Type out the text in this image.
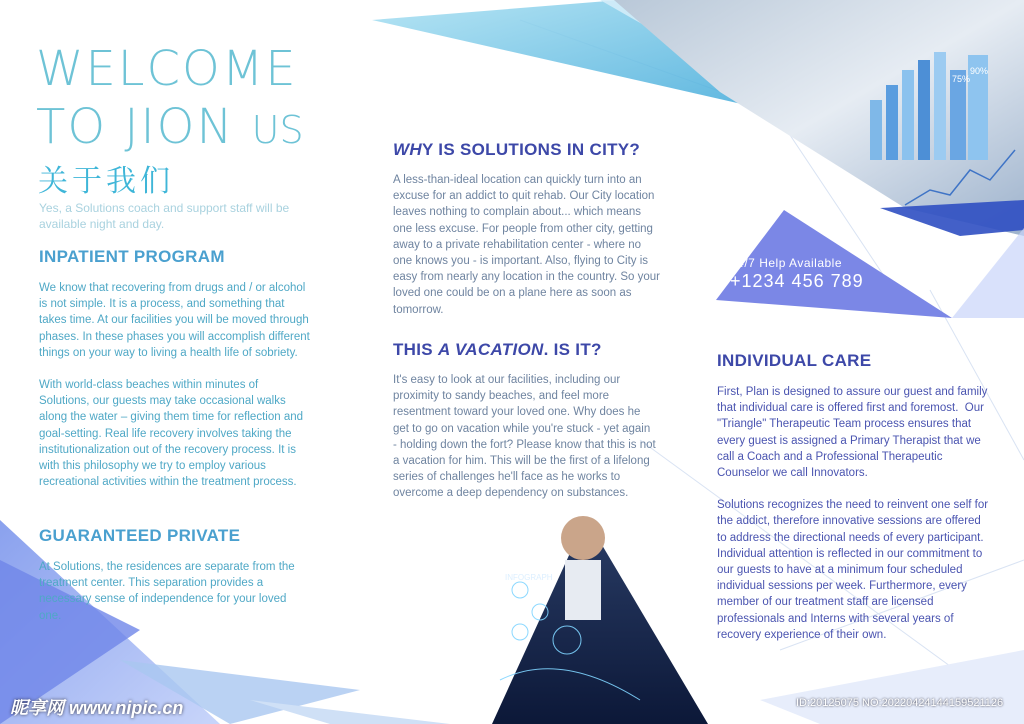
75%
90%
INFOGRAPH
WELCOME
TO JION US
关于我们
Yes, a Solutions coach and support staff will be available night and day.
INPATIENT PROGRAM

We know that recovering from drugs and / or alcohol is not simple. It is a process, and something that takes time. At our facilities you will be moved through phases. In these phases you will accomplish different things on your way to living a health life of sobriety.

With world-class beaches within minutes of Solutions, our guests may take occasional walks along the water – giving them time for reflection and goal-setting. Real life recovery involves taking the institutionalization out of the recovery process. It is with this philosophy we try to employ various recreational activities within the treatment process.

GUARANTEED PRIVATE

At Solutions, the residences are separate from the treatment center. This separation provides a necessary sense of independence for your loved one.

WHY IS SOLUTIONS IN CITY?

A less-than-ideal location can quickly turn into an excuse for an addict to quit rehab. Our City location leaves nothing to complain about... which means one less excuse. For people from other city, getting away to a private rehabilitation center - where no one knows you - is important. Also, flying to City is easy from nearly any location in the country. So your loved one could be on a plane here as soon as tomorrow.

THIS A VACATION. IS IT?

It's easy to look at our facilities, including our proximity to sandy beaches, and feel more resentment toward your loved one. Why does he get to go on vacation while you're stuck - yet again - holding down the fort? Please know that this is not a vacation for him. This will be the first of a lifelong series of challenges he'll face as he works to overcome a deep dependency on substances.

24/7 Help Available
+1234 456 789
INDIVIDUAL CARE

First, Plan is designed to assure our guest and family that individual care is offered first and foremost.  Our "Triangle" Therapeutic Team process ensures that every guest is assigned a Primary Therapist that we call a Coach and a Professional Therapeutic Counselor we call Innovators.

Solutions recognizes the need to reinvent one self for the addict, therefore innovative sessions are offered to address the directional needs of every participant.  Individual attention is reflected in our commitment to our guests to have at a minimum four scheduled individual sessions per week. Furthermore, every member of our treatment staff are licensed professionals and Interns with several years of recovery experience of their own.

昵享网 www.nipic.cn	ID:20125075 NO:20220424144159521126
